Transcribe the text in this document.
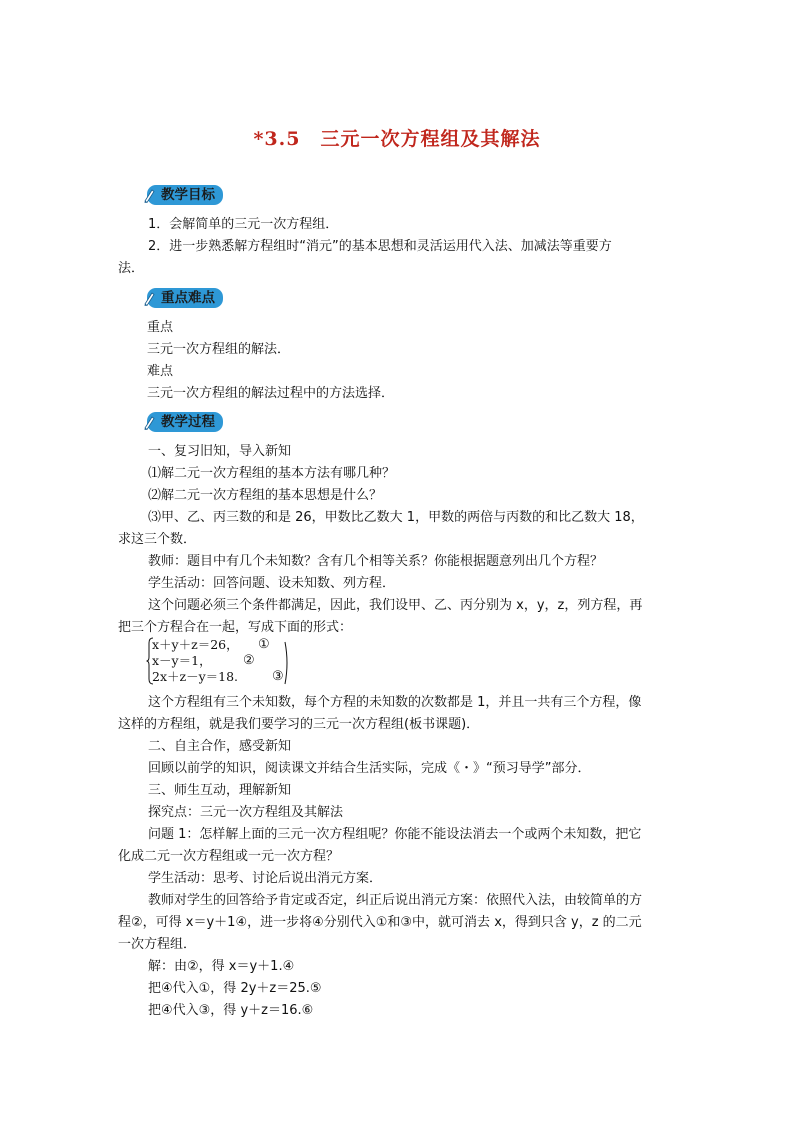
*3.5　三元一次方程组及其解法
教学目标
1．会解简单的三元一次方程组．
2．进一步熟悉解方程组时“消元”的基本思想和灵活运用代入法、加减法等重要方
法．
重点难点
重点
三元一次方程组的解法．
难点
三元一次方程组的解法过程中的方法选择．
教学过程
一、复习旧知，导入新知
⑴解二元一次方程组的基本方法有哪几种？
⑵解二元一次方程组的基本思想是什么？
⑶甲、乙、丙三数的和是 26，甲数比乙数大 1，甲数的两倍与丙数的和比乙数大 18，
求这三个数．
教师：题目中有几个未知数？含有几个相等关系？你能根据题意列出几个方程？
学生活动：回答问题、设未知数、列方程．
这个问题必须三个条件都满足，因此，我们设甲、乙、丙分别为 x，y，z，列方程，再
把三个方程合在一起，写成下面的形式：
x＋y＋z＝26， ①
x－y＝1， ②
2x＋z－y＝18.	③
这个方程组有三个未知数，每个方程的未知数的次数都是 1，并且一共有三个方程，像
这样的方程组，就是我们要学习的三元一次方程组(板书课题)．
二、自主合作，感受新知
回顾以前学的知识，阅读课文并结合生活实际，完成《・》“预习导学”部分．
三、师生互动，理解新知
探究点：三元一次方程组及其解法
问题 1：怎样解上面的三元一次方程组呢？你能不能设法消去一个或两个未知数，把它
化成二元一次方程组或一元一次方程？
学生活动：思考、讨论后说出消元方案．
教师对学生的回答给予肯定或否定，纠正后说出消元方案：依照代入法，由较简单的方
程②，可得 x＝y＋1④，进一步将④分别代入①和③中，就可消去 x，得到只含 y，z 的二元
一次方程组．
解：由②，得 x＝y＋1.④
把④代入①，得 2y＋z＝25.⑤
把④代入③，得 y＋z＝16.⑥
